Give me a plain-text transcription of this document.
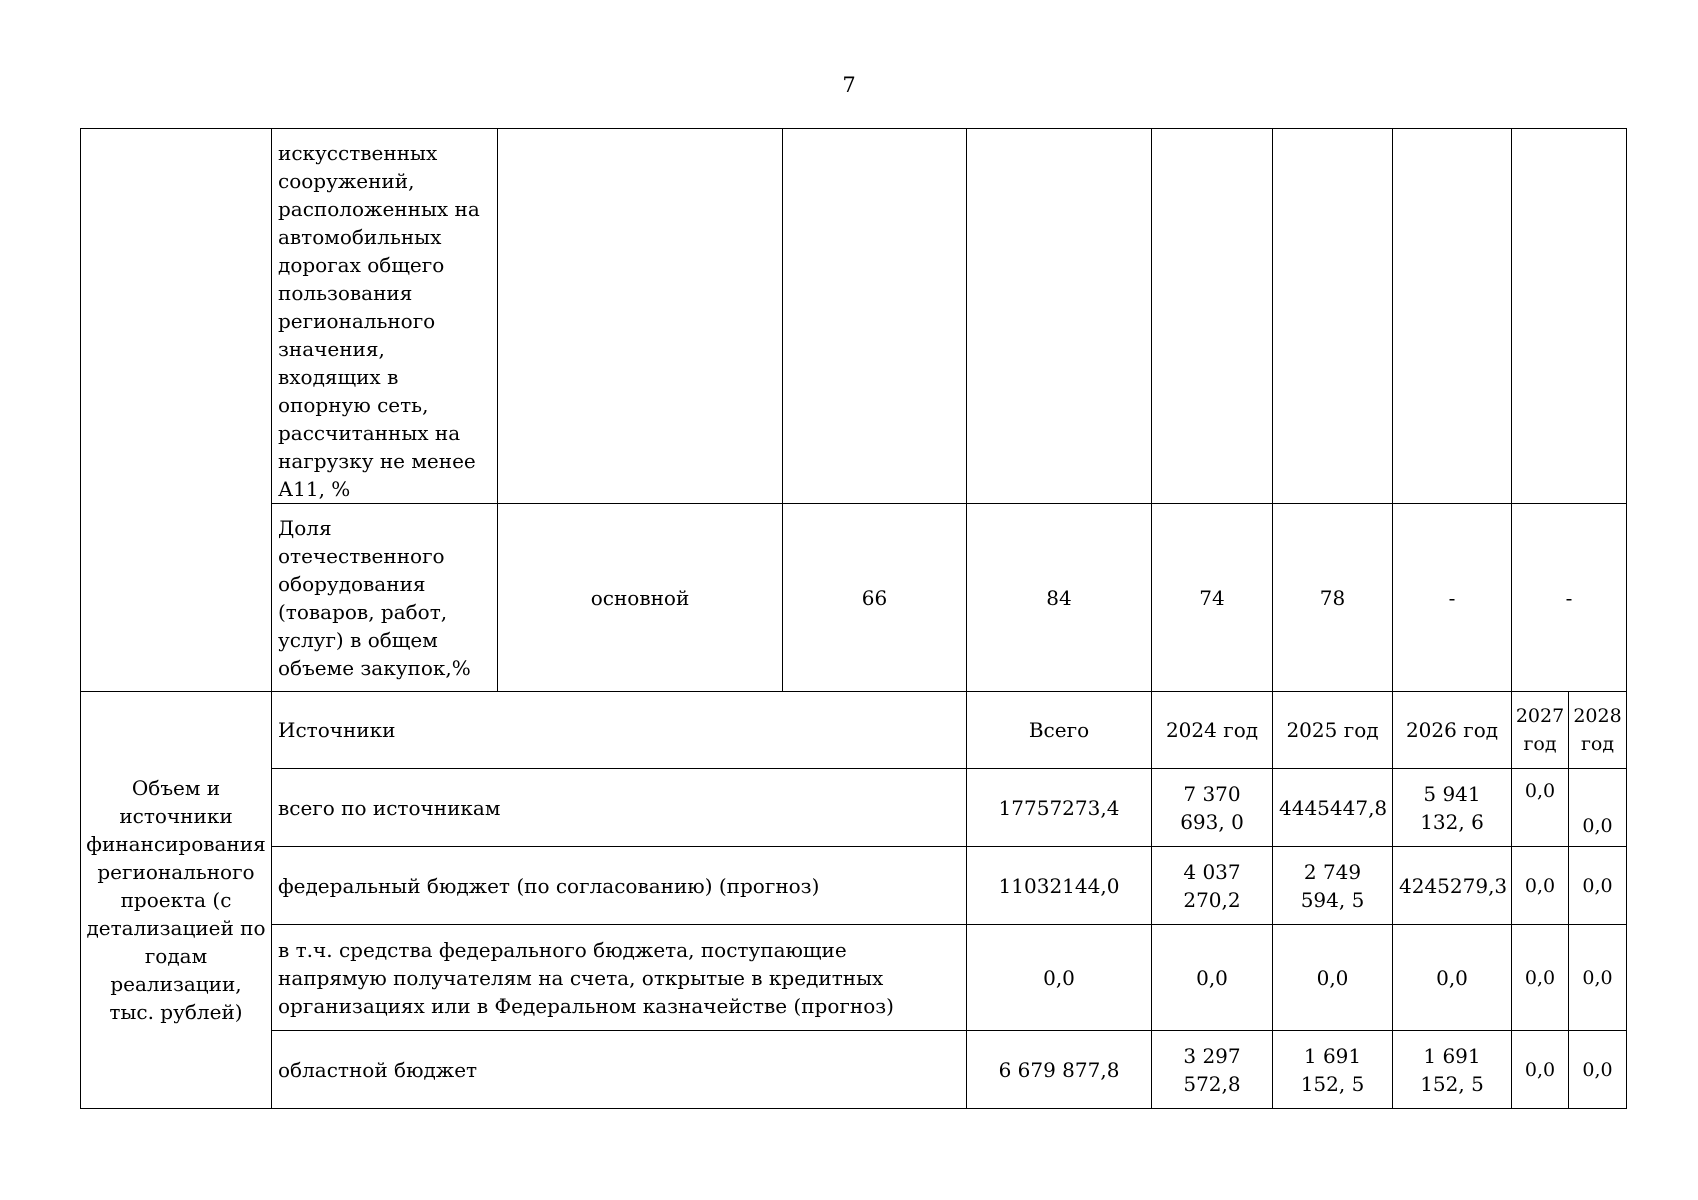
7
	искусственных сооружений, расположенных на автомобильных дорогах общего пользования регионального значения, входящих в опорную сеть, рассчитанных на нагрузку не менее А11, %								
	Доля отечественного оборудования (товаров, работ, услуг) в общем объеме закупок,%	основной	66	84	74	78	-	-	
Объем и источники финансирования регионального проекта (с детализацией по годам реализации, тыс. рублей)	Источники			Всего	2024 год	2025 год	2026 год	2027 год	2028 год
	всего по источникам			17757273,4	7 370 693, 0	4445447,8	5 941 132, 6	0,0	0,0
	федеральный бюджет (по согласованию) (прогноз)			11032144,0	4 037 270,2	2 749 594, 5	4245279,3	0,0	0,0
	в т.ч. средства федерального бюджета, поступающие напрямую получателям на счета, открытые в кредитных организациях или в Федеральном казначействе (прогноз)			0,0	0,0	0,0	0,0	0,0	0,0
	областной бюджет			6 679 877,8	3 297 572,8	1 691 152, 5	1 691 152, 5	0,0	0,0
